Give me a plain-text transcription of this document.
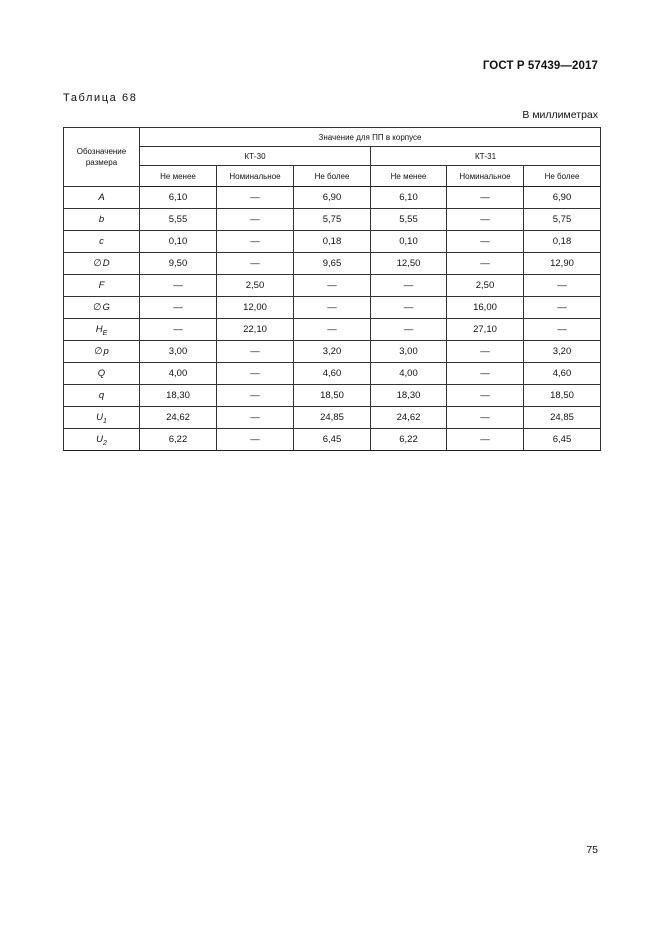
ГОСТ Р 57439—2017
Таблица 68
В миллиметрах
Обозначение
размера	Значение для ПП в корпусе					
	КТ-30			КТ-31		
	Не менее	Номинальное	Не более	Не менее	Номинальное	Не более
A	6,10	—	6,90	6,10	—	6,90
b	5,55	—	5,75	5,55	—	5,75
c	0,10	—	0,18	0,10	—	0,18
∅D	9,50	—	9,65	12,50	—	12,90
F	—	2,50	—	—	2,50	—
∅G	—	12,00	—	—	16,00	—
$H_E$	—	22,10	—	—	27,10	—
∅p	3,00	—	3,20	3,00	—	3,20
Q	4,00	—	4,60	4,00	—	4,60
q	18,30	—	18,50	18,30	—	18,50
$U_1$	24,62	—	24,85	24,62	—	24,85
$U_2$	6,22	—	6,45	6,22	—	6,45
75
